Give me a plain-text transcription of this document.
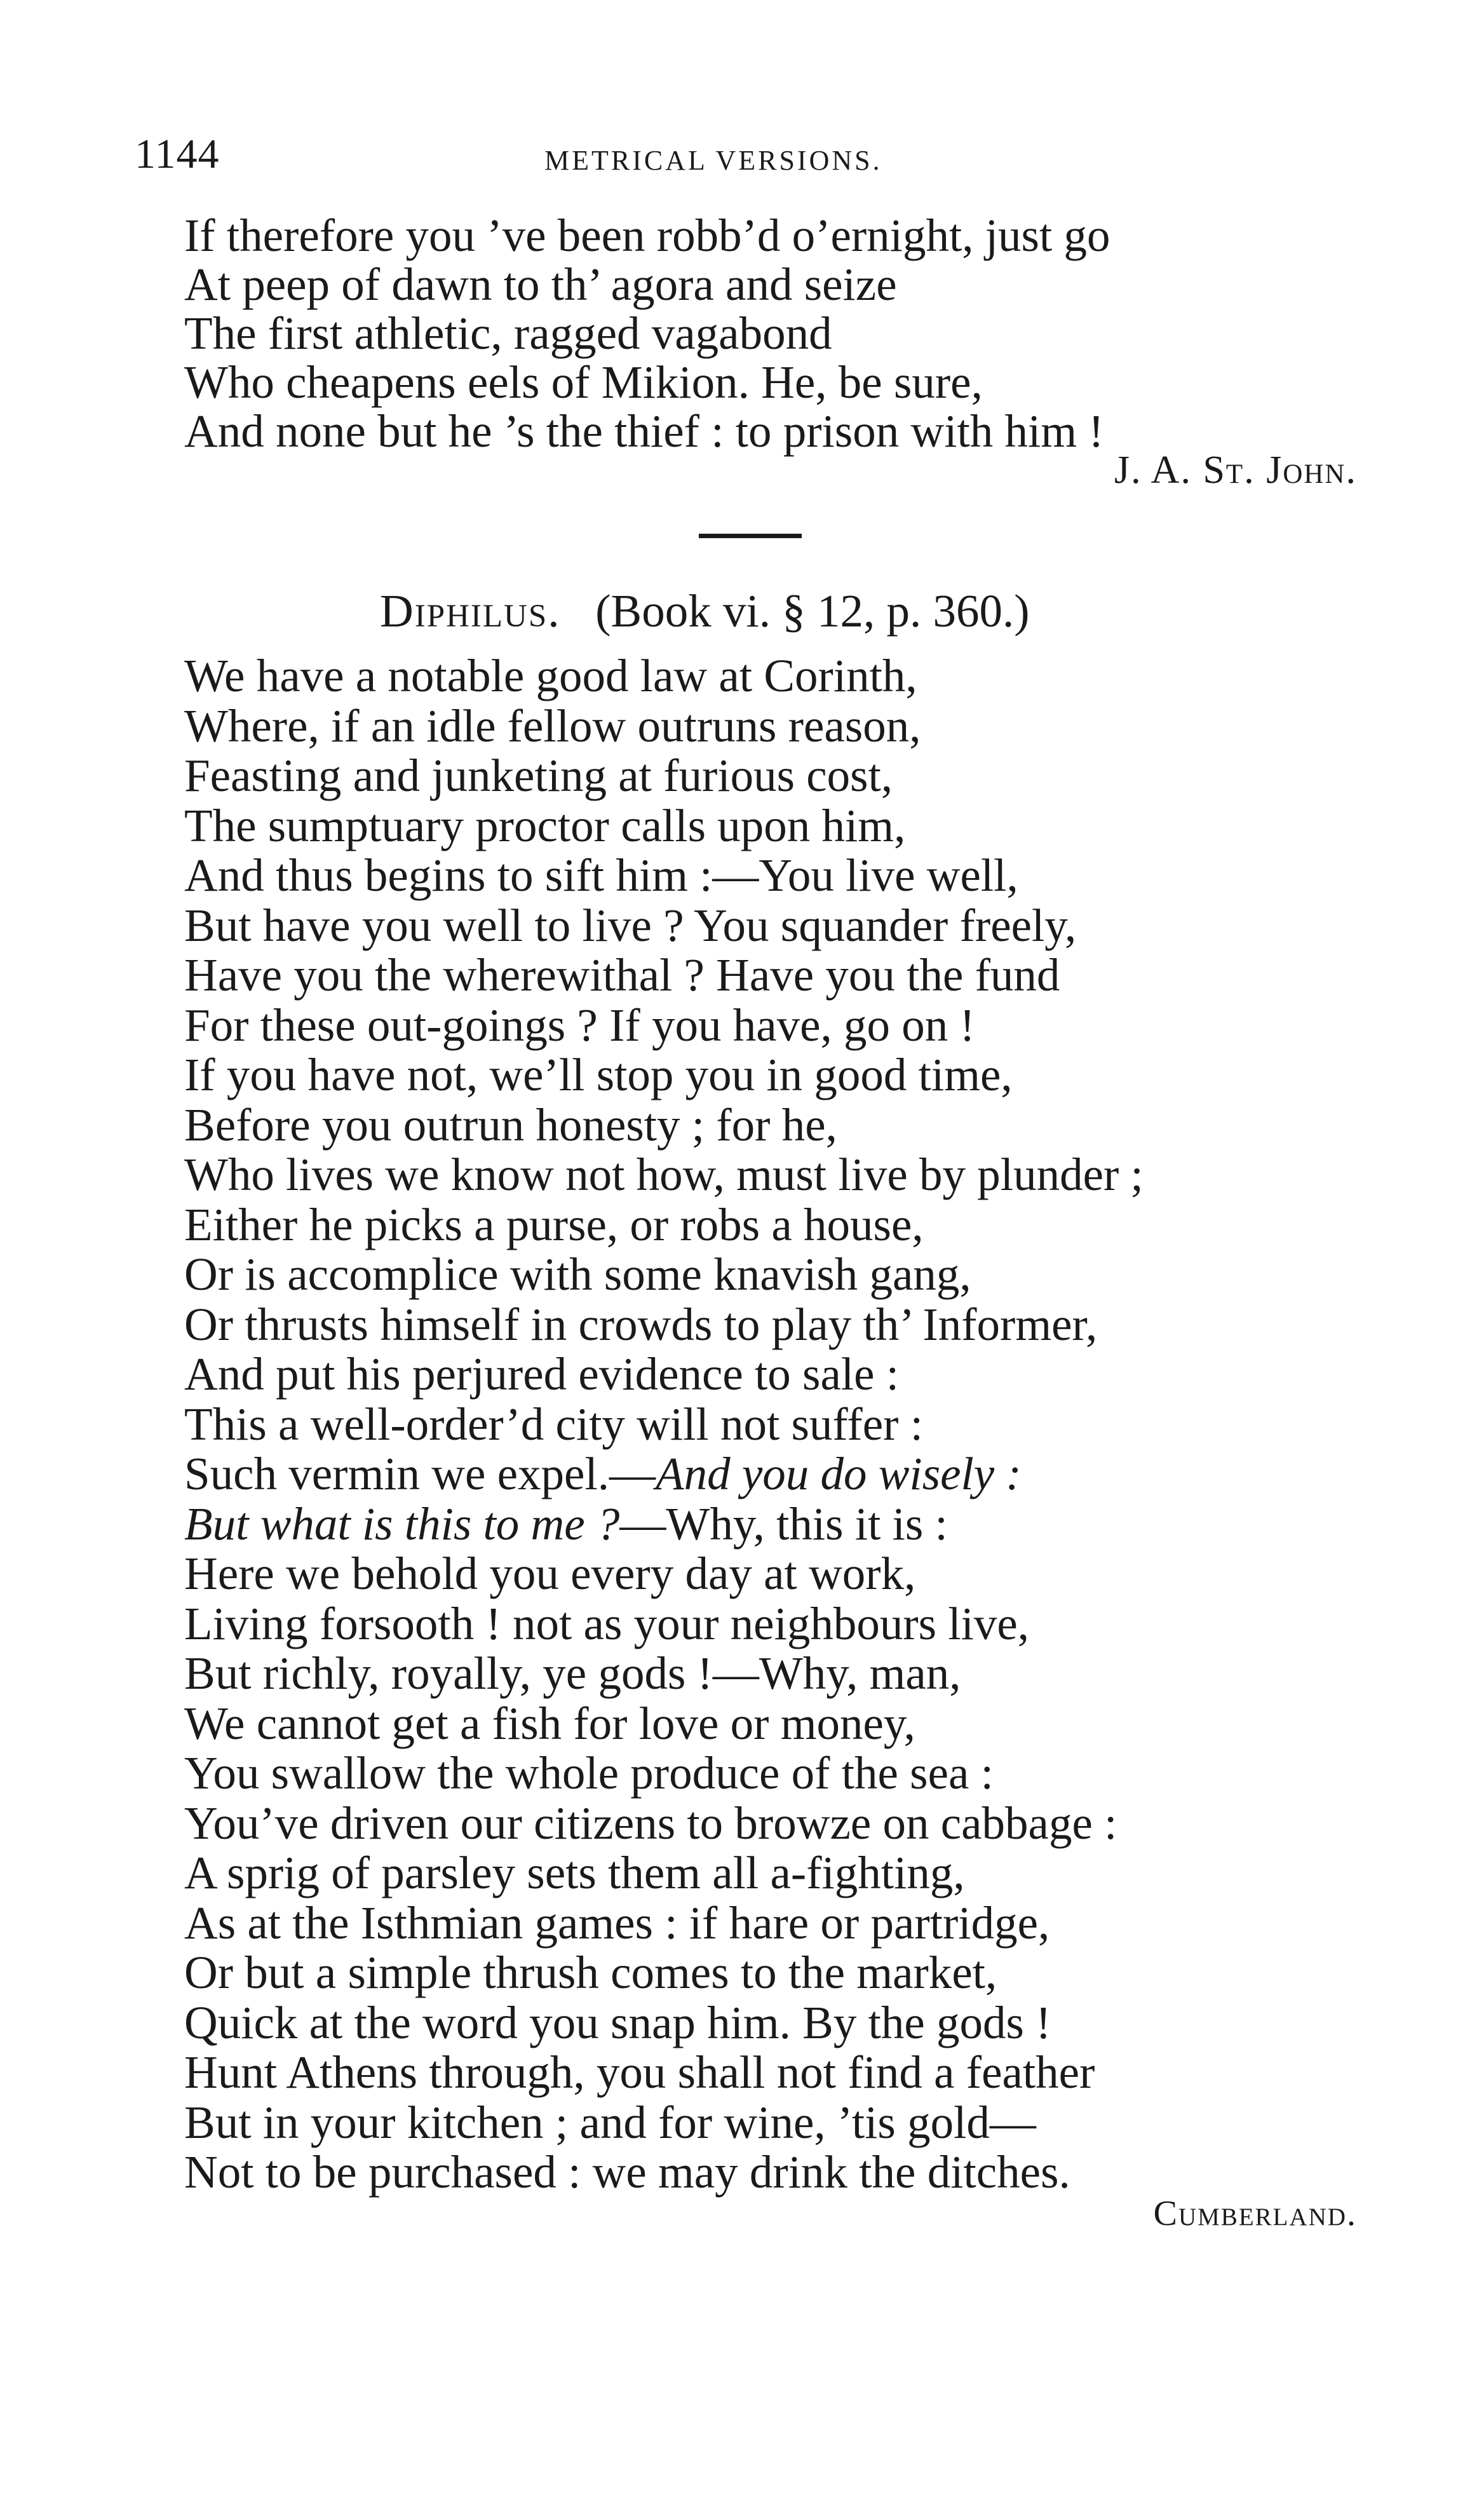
1144	METRICAL VERSIONS.
If therefore you ’ve been robb’d o’ernight, just go
At peep of dawn to th’ agora and seize
The first athletic, ragged vagabond
Who cheapens eels of Mikion. He, be sure,
And none but he ’s the thief : to prison with him !
J. A. St. John.
Diphilus. (Book vi. § 12, p. 360.)
We have a notable good law at Corinth,
Where, if an idle fellow outruns reason,
Feasting and junketing at furious cost,
The sumptuary proctor calls upon him,
And thus begins to sift him :—You live well,
But have you well to live ? You squander freely,
Have you the wherewithal ? Have you the fund
For these out-goings ? If you have, go on !
If you have not, we’ll stop you in good time,
Before you outrun honesty ; for he,
Who lives we know not how, must live by plunder ;
Either he picks a purse, or robs a house,
Or is accomplice with some knavish gang,
Or thrusts himself in crowds to play th’ Informer,
And put his perjured evidence to sale :
This a well-order’d city will not suffer :
Such vermin we expel.—And you do wisely :
But what is this to me ?—Why, this it is :
Here we behold you every day at work,
Living forsooth ! not as your neighbours live,
But richly, royally, ye gods !—Why, man,
We cannot get a fish for love or money,
You swallow the whole produce of the sea :
You’ve driven our citizens to browze on cabbage :
A sprig of parsley sets them all a-fighting,
As at the Isthmian games : if hare or partridge,
Or but a simple thrush comes to the market,
Quick at the word you snap him. By the gods !
Hunt Athens through, you shall not find a feather
But in your kitchen ; and for wine, ’tis gold—
Not to be purchased : we may drink the ditches.
Cumberland.
